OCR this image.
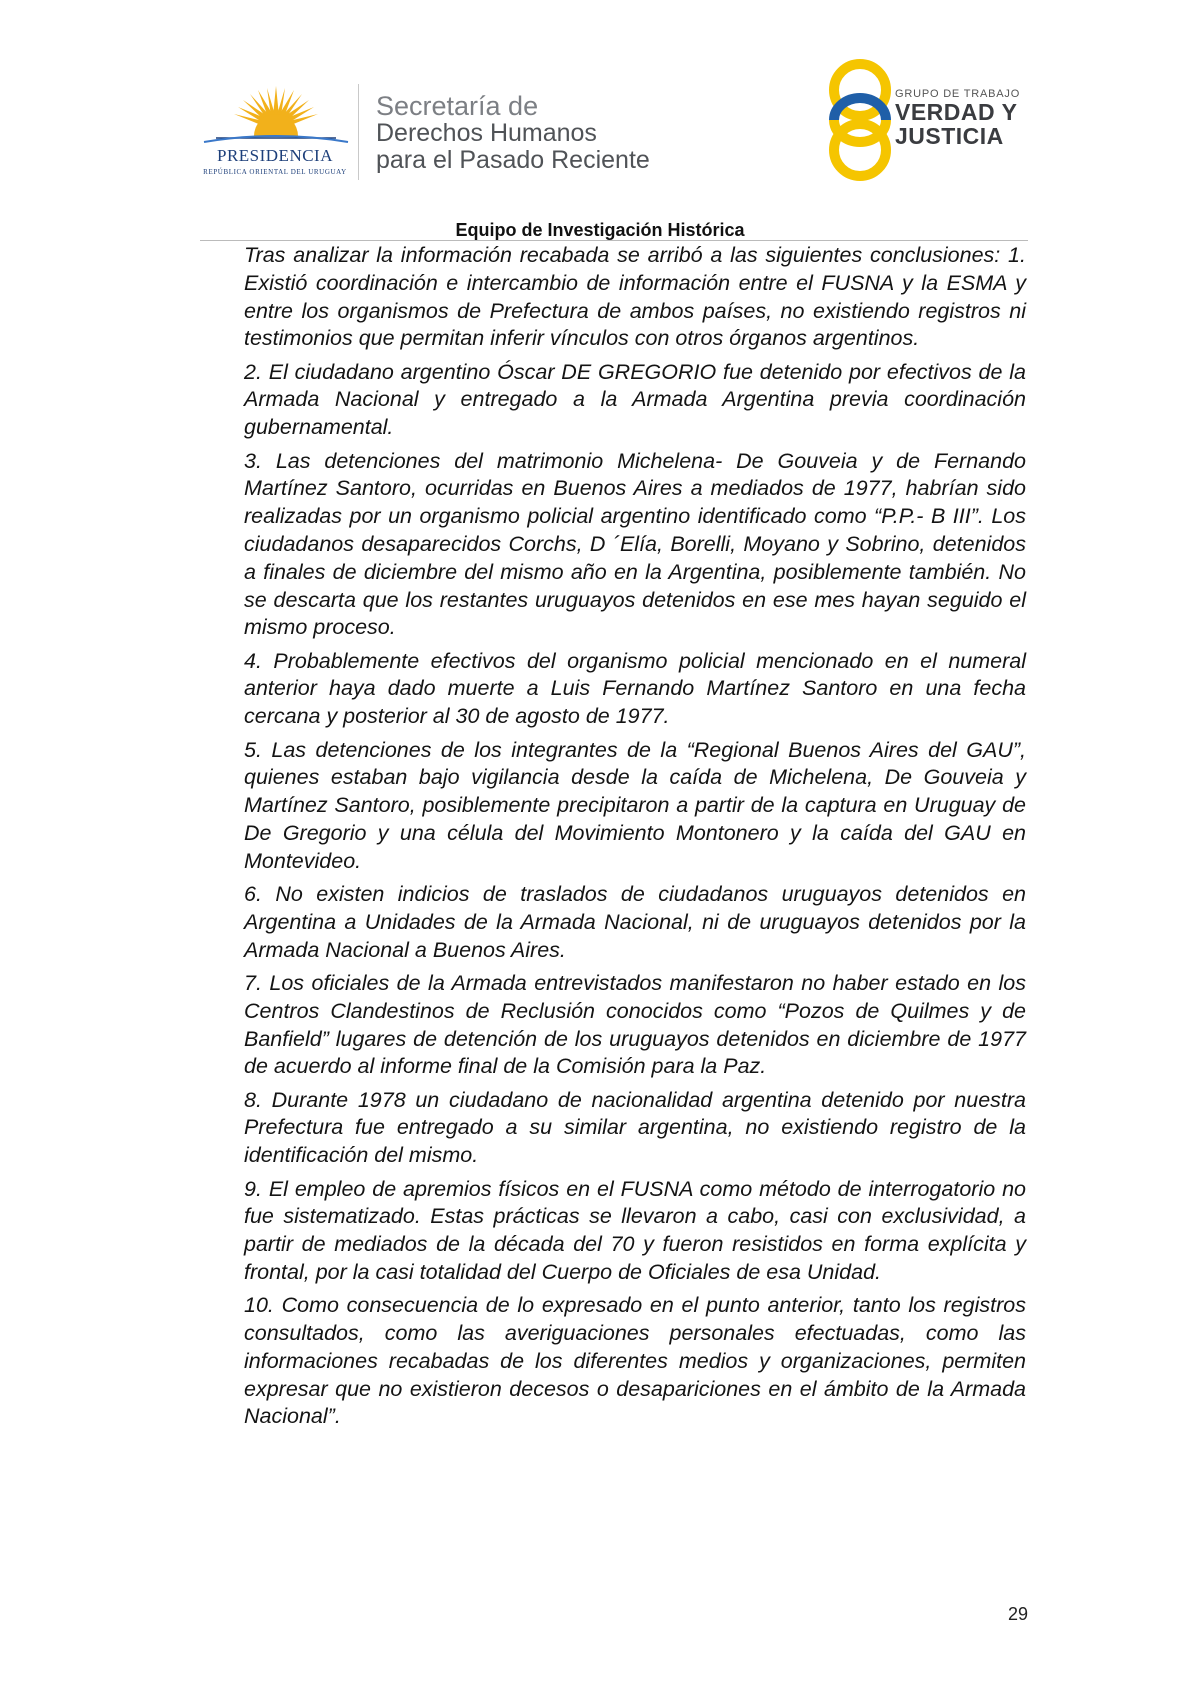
PRESIDENCIA
REPÚBLICA ORIENTAL DEL URUGUAY
Secretaría de
Derechos Humanos
para el Pasado Reciente
GRUPO DE TRABAJO
VERDAD Y
JUSTICIA
Equipo de Investigación Histórica

Tras analizar la información recabada se arribó a las siguientes conclusiones: 1. Existió coordinación e intercambio de información entre el FUSNA y la ESMA y entre los organismos de Prefectura de ambos países, no existiendo registros ni testimonios que permitan inferir vínculos con otros órganos argentinos.

2. El ciudadano argentino Óscar DE GREGORIO fue detenido por efectivos de la Armada Nacional y entregado a la Armada Argentina previa coordinación gubernamental.

3. Las detenciones del matrimonio Michelena- De Gouveia y de Fernando Martínez Santoro, ocurridas en Buenos Aires a mediados de 1977, habrían sido realizadas por un organismo policial argentino identificado como “P.P.- B III”. Los ciudadanos desaparecidos Corchs, D ´Elía, Borelli, Moyano y Sobrino, detenidos a finales de diciembre del mismo año en la Argentina, posiblemente también. No se descarta que los restantes uruguayos detenidos en ese mes hayan seguido el mismo proceso.

4. Probablemente efectivos del organismo policial mencionado en el numeral anterior haya dado muerte a Luis Fernando Martínez Santoro en una fecha cercana y posterior al 30 de agosto de 1977.

5. Las detenciones de los integrantes de la “Regional Buenos Aires del GAU”, quienes estaban bajo vigilancia desde la caída de Michelena, De Gouveia y Martínez Santoro, posiblemente precipitaron a partir de la captura en Uruguay de De Gregorio y una célula del Movimiento Montonero y la caída del GAU en Montevideo.

6. No existen indicios de traslados de ciudadanos uruguayos detenidos en Argentina a Unidades de la Armada Nacional, ni de uruguayos detenidos por la Armada Nacional a Buenos Aires.

7. Los oficiales de la Armada entrevistados manifestaron no haber estado en los Centros Clandestinos de Reclusión conocidos como “Pozos de Quilmes y de Banfield” lugares de detención de los uruguayos detenidos en diciembre de 1977 de acuerdo al informe final de la Comisión para la Paz.

8. Durante 1978 un ciudadano de nacionalidad argentina detenido por nuestra Prefectura fue entregado a su similar argentina, no existiendo registro de la identificación del mismo.

9. El empleo de apremios físicos en el FUSNA como método de interrogatorio no fue sistematizado. Estas prácticas se llevaron a cabo, casi con exclusividad, a partir de mediados de la década del 70 y fueron resistidos en forma explícita y frontal, por la casi totalidad del Cuerpo de Oficiales de esa Unidad.

10. Como consecuencia de lo expresado en el punto anterior, tanto los registros consultados, como las averiguaciones personales efectuadas, como las informaciones recabadas de los diferentes medios y organizaciones, permiten expresar que no existieron decesos o desapariciones en el ámbito de la Armada Nacional”.

29
